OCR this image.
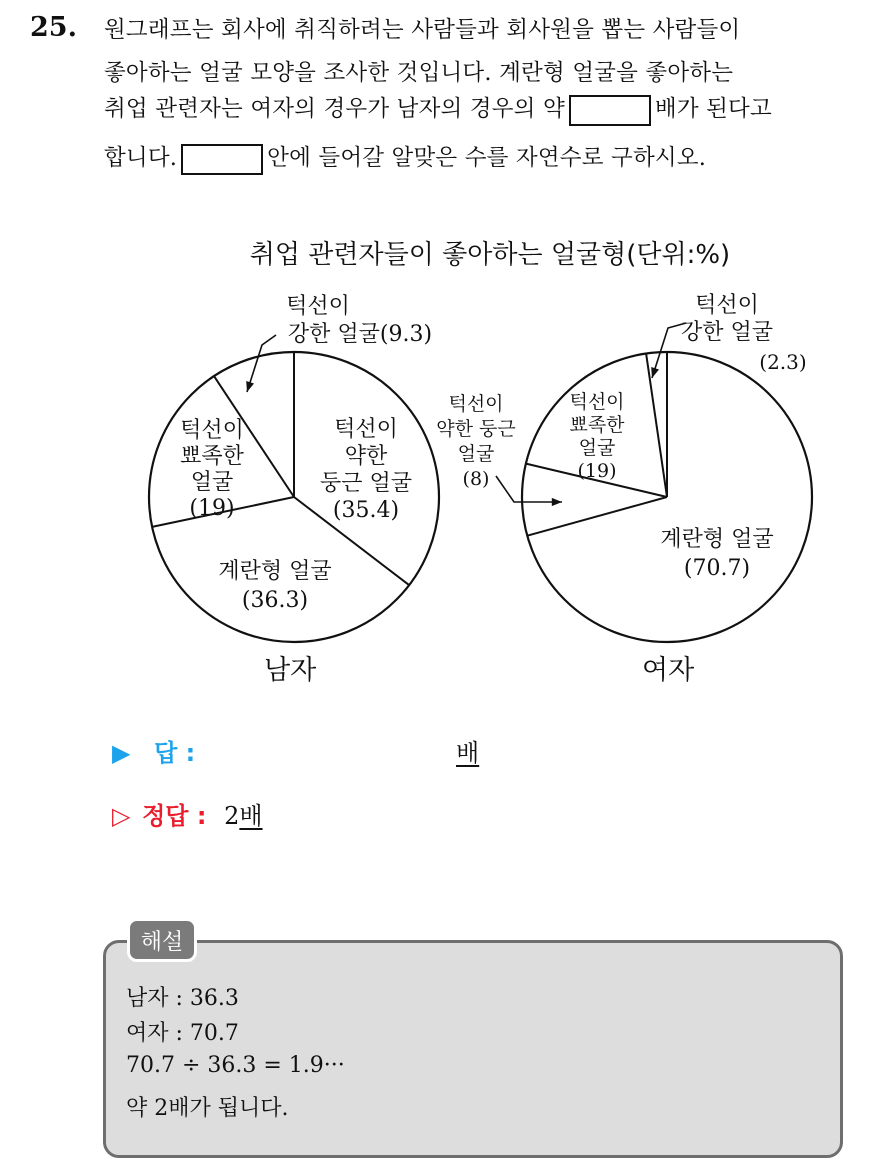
25. 원그래프는 회사에 취직하려는 사람들과 회사원을 뽑는 사람들이
좋아하는 얼굴 모양을 조사한 것입니다. 계란형 얼굴을 좋아하는
취업 관련자는 여자의 경우가 남자의 경우의 약	배가 된다고
합니다.	안에 들어갈 알맞은 수를 자연수로 구하시오.
취업 관련자들이 좋아하는 얼굴형(단위:%)
턱선이 약한 둥근 얼굴 (35.4)
계란형 얼굴 (36.3)
턱선이 뾰족한 얼굴 (19)
턱선이
강한 얼굴(9.3)
계란형 얼굴 (70.7)
턱선이 약한 둥근 얼굴 (8)
턱선이 뾰족한 얼굴 (19)
턱선이 강한 얼굴
(2.3)
남자	여자
▶ 답 :	배
▷ 정답 : 2배
해설
남자 : 36.3
여자 : 70.7
70.7 ÷ 36.3 = 1.9···
약 2배가 됩니다.
